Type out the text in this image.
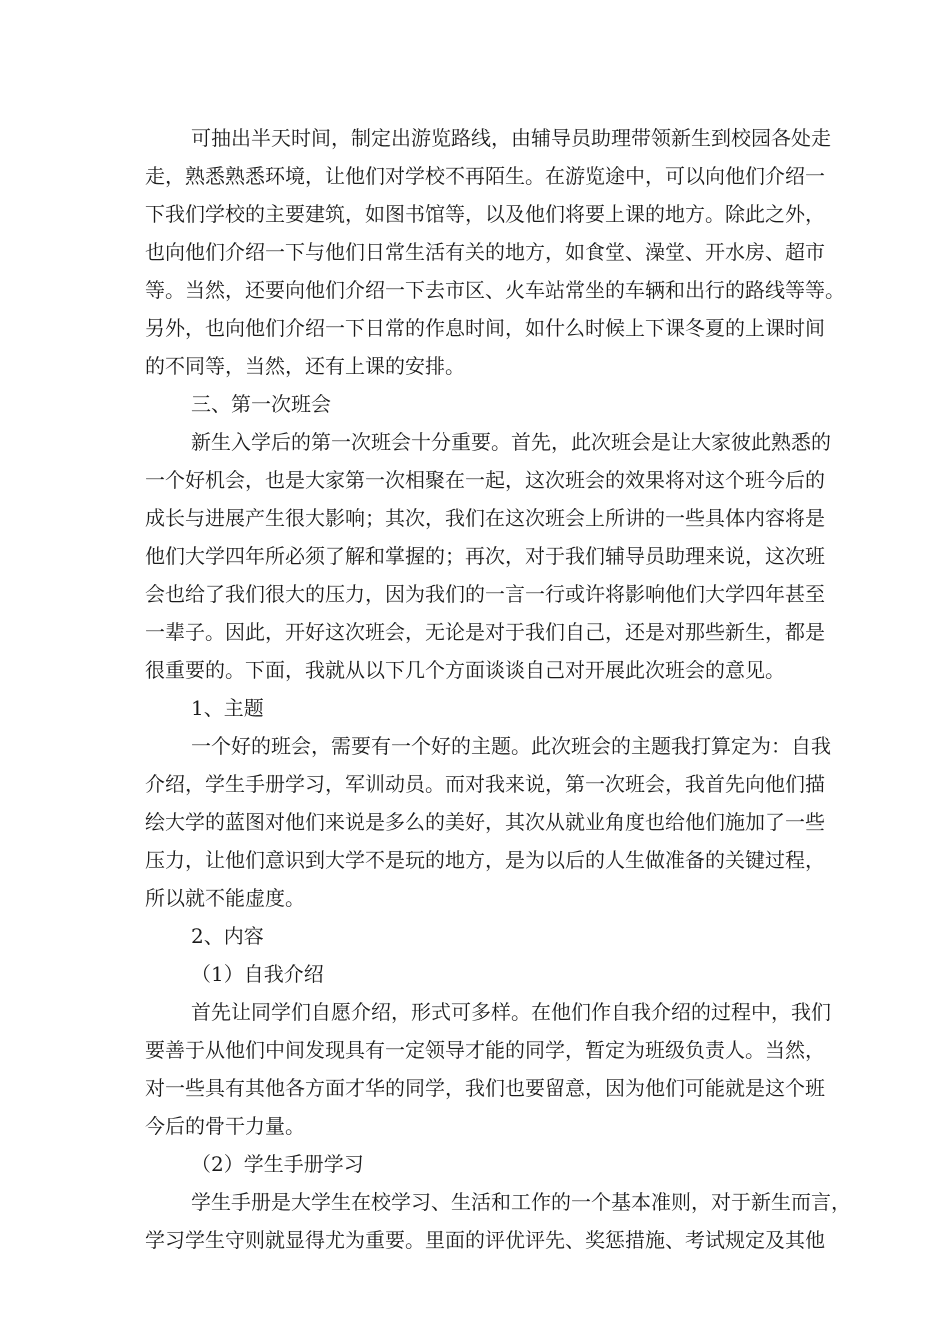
可抽出半天时间，制定出游览路线，由辅导员助理带领新生到校园各处走
走，熟悉熟悉环境，让他们对学校不再陌生。在游览途中，可以向他们介绍一
下我们学校的主要建筑，如图书馆等，以及他们将要上课的地方。除此之外，
也向他们介绍一下与他们日常生活有关的地方，如食堂、澡堂、开水房、超市
等。当然，还要向他们介绍一下去市区、火车站常坐的车辆和出行的路线等等。
另外，也向他们介绍一下日常的作息时间，如什么时候上下课冬夏的上课时间
的不同等，当然，还有上课的安排。
三、第一次班会
新生入学后的第一次班会十分重要。首先，此次班会是让大家彼此熟悉的
一个好机会，也是大家第一次相聚在一起，这次班会的效果将对这个班今后的
成长与进展产生很大影响；其次，我们在这次班会上所讲的一些具体内容将是
他们大学四年所必须了解和掌握的；再次，对于我们辅导员助理来说，这次班
会也给了我们很大的压力，因为我们的一言一行或许将影响他们大学四年甚至
一辈子。因此，开好这次班会，无论是对于我们自己，还是对那些新生，都是
很重要的。下面，我就从以下几个方面谈谈自己对开展此次班会的意见。
1、主题
一个好的班会，需要有一个好的主题。此次班会的主题我打算定为：自我
介绍，学生手册学习，军训动员。而对我来说，第一次班会，我首先向他们描
绘大学的蓝图对他们来说是多么的美好，其次从就业角度也给他们施加了一些
压力，让他们意识到大学不是玩的地方，是为以后的人生做准备的关键过程，
所以就不能虚度。
2、内容
（1）自我介绍
首先让同学们自愿介绍，形式可多样。在他们作自我介绍的过程中，我们
要善于从他们中间发现具有一定领导才能的同学，暂定为班级负责人。当然，
对一些具有其他各方面才华的同学，我们也要留意，因为他们可能就是这个班
今后的骨干力量。
（2）学生手册学习
学生手册是大学生在校学习、生活和工作的一个基本准则，对于新生而言，
学习学生守则就显得尤为重要。里面的评优评先、奖惩措施、考试规定及其他
